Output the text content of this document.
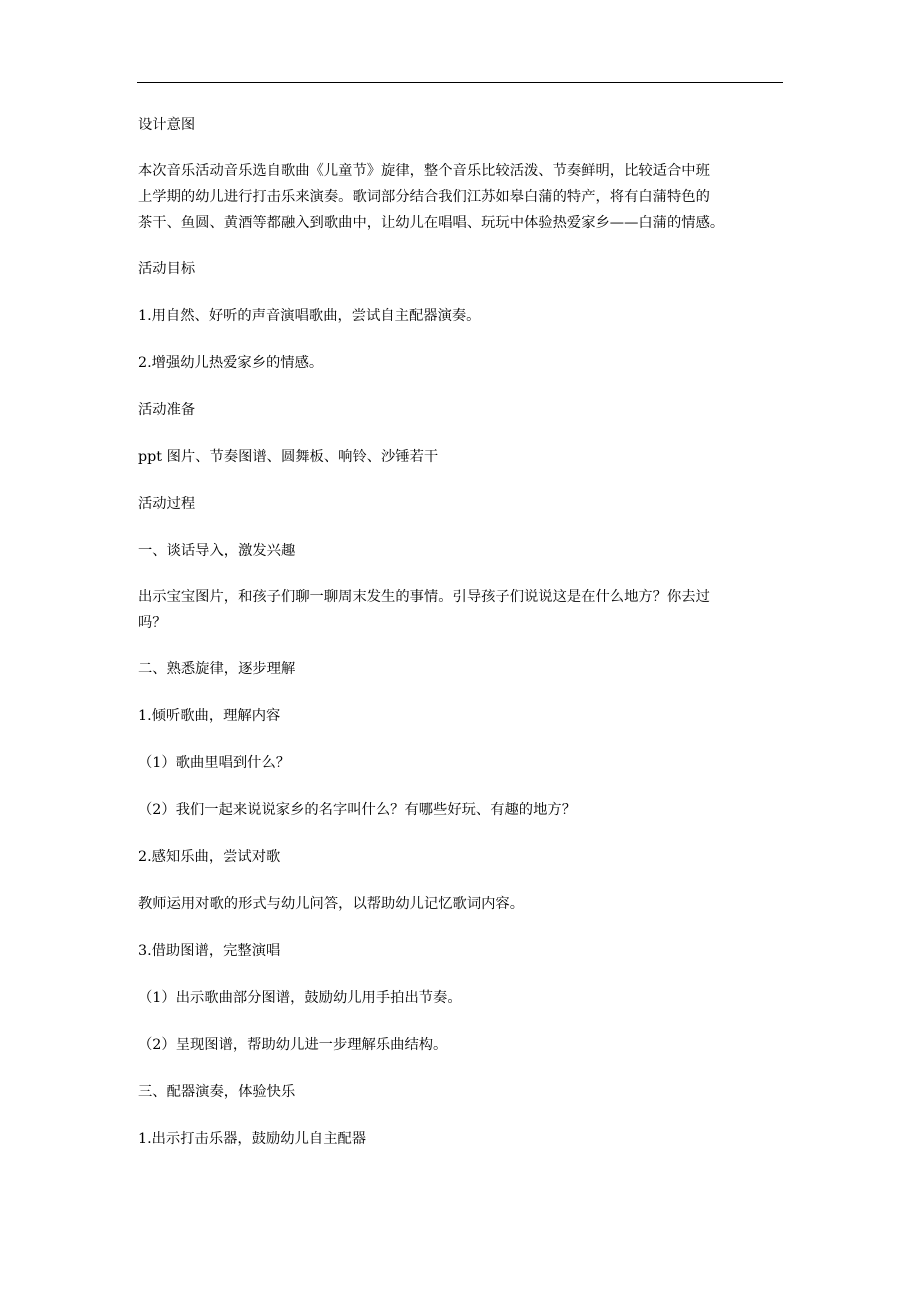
设计意图

本次音乐活动音乐选自歌曲《儿童节》旋律，整个音乐比较活泼、节奏鲜明，比较适合中班

上学期的幼儿进行打击乐来演奏。歌词部分结合我们江苏如皋白蒲的特产，将有白蒲特色的

茶干、鱼圆、黄酒等都融入到歌曲中，让幼儿在唱唱、玩玩中体验热爱家乡——白蒲的情感。

活动目标

1.用自然、好听的声音演唱歌曲，尝试自主配器演奏。

2.增强幼儿热爱家乡的情感。

活动准备

ppt 图片、节奏图谱、圆舞板、响铃、沙锤若干

活动过程

一、谈话导入，激发兴趣

出示宝宝图片，和孩子们聊一聊周末发生的事情。引导孩子们说说这是在什么地方？你去过

吗？

二、熟悉旋律，逐步理解

1.倾听歌曲，理解内容

（1）歌曲里唱到什么？

（2）我们一起来说说家乡的名字叫什么？有哪些好玩、有趣的地方？

2.感知乐曲，尝试对歌

教师运用对歌的形式与幼儿问答，以帮助幼儿记忆歌词内容。

3.借助图谱，完整演唱

（1）出示歌曲部分图谱，鼓励幼儿用手拍出节奏。

（2）呈现图谱，帮助幼儿进一步理解乐曲结构。

三、配器演奏，体验快乐

1.出示打击乐器，鼓励幼儿自主配器
